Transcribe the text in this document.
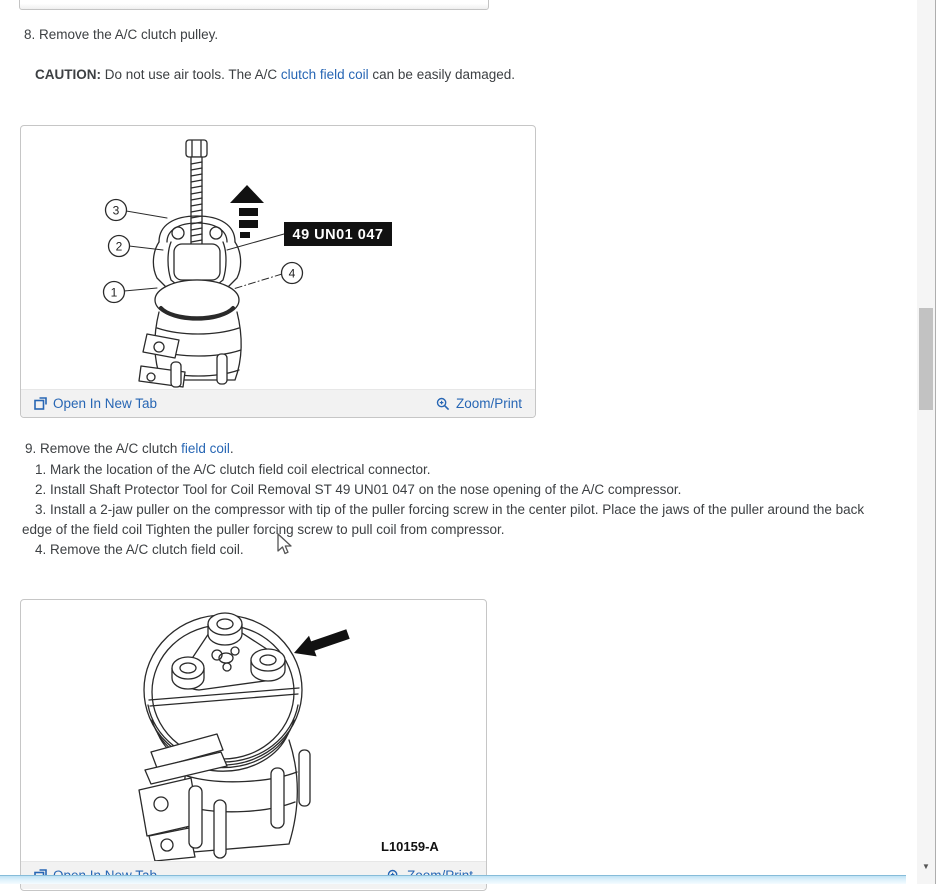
8. Remove the A/C clutch pulley.

CAUTION: Do not use air tools. The A/C clutch field coil can be easily damaged.

3
2
1
4
49 UN01 047
Open In New Tab	Zoom/Print

9. Remove the A/C clutch field coil.

1. Mark the location of the A/C clutch field coil electrical connector.

2. Install Shaft Protector Tool for Coil Removal ST 49 UN01 047 on the nose opening of the A/C compressor.

3. Install a 2-jaw puller on the compressor with tip of the puller forcing screw in the center pilot. Place the jaws of the puller around the back edge of the field coil Tighten the puller forcing screw to pull coil from compressor.

4. Remove the A/C clutch field coil.

L10159-A
▼
